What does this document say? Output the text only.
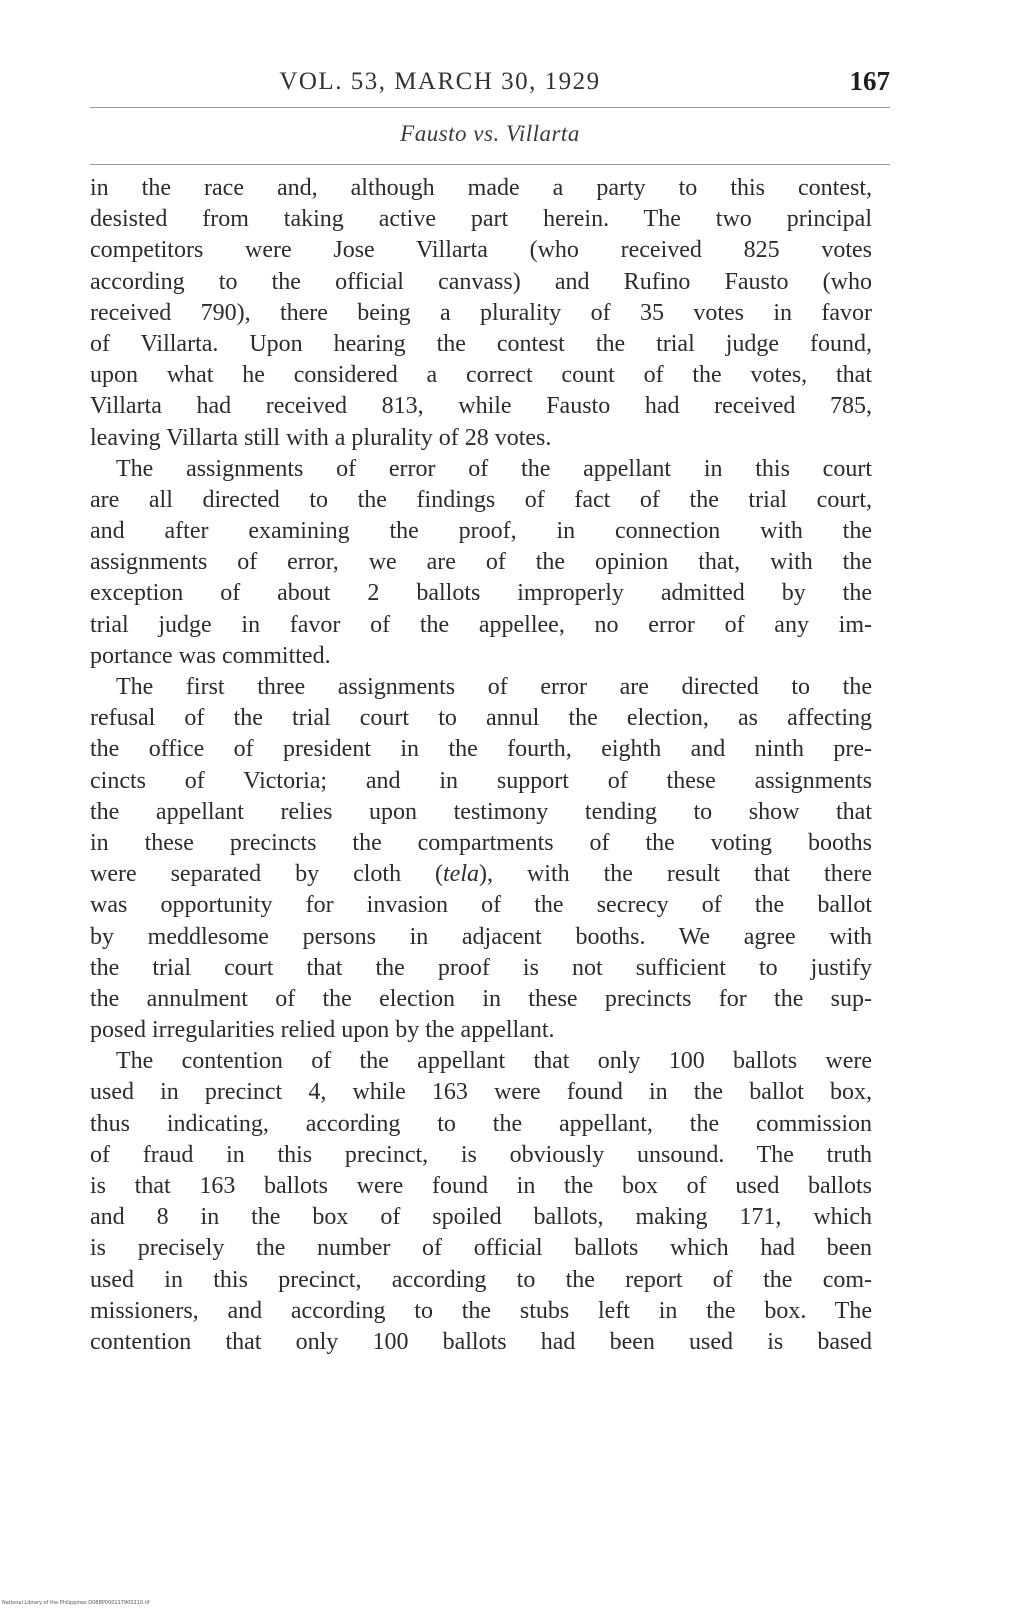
VOL. 53, MARCH 30, 1929	167
Fausto vs. Villarta
in the race and, although made a party to this contest,
desisted from taking active part herein. The two principal
competitors were Jose Villarta (who received 825 votes
according to the official canvass) and Rufino Fausto (who
received 790), there being a plurality of 35 votes in favor
of Villarta. Upon hearing the contest the trial judge found,
upon what he considered a correct count of the votes, that
Villarta had received 813, while Fausto had received 785,
leaving Villarta still with a plurality of 28 votes.
The assignments of error of the appellant in this court
are all directed to the findings of fact of the trial court,
and after examining the proof, in connection with the
assignments of error, we are of the opinion that, with the
exception of about 2 ballots improperly admitted by the
trial judge in favor of the appellee, no error of any im-
portance was committed.
The first three assignments of error are directed to the
refusal of the trial court to annul the election, as affecting
the office of president in the fourth, eighth and ninth pre-
cincts of Victoria; and in support of these assignments
the appellant relies upon testimony tending to show that
in these precincts the compartments of the voting booths
were separated by cloth (tela), with the result that there
was opportunity for invasion of the secrecy of the ballot
by meddlesome persons in adjacent booths. We agree with
the trial court that the proof is not sufficient to justify
the annulment of the election in these precincts for the sup-
posed irregularities relied upon by the appellant.
The contention of the appellant that only 100 ballots were
used in precinct 4, while 163 were found in the ballot box,
thus indicating, according to the appellant, the commission
of fraud in this precinct, is obviously unsound. The truth
is that 163 ballots were found in the box of used ballots
and 8 in the box of spoiled ballots, making 171, which
is precisely the number of official ballots which had been
used in this precinct, according to the report of the com-
missioners, and according to the stubs left in the box. The
contention that only 100 ballots had been used is based
National Library of the Philippines D08BP000117900210.tif
